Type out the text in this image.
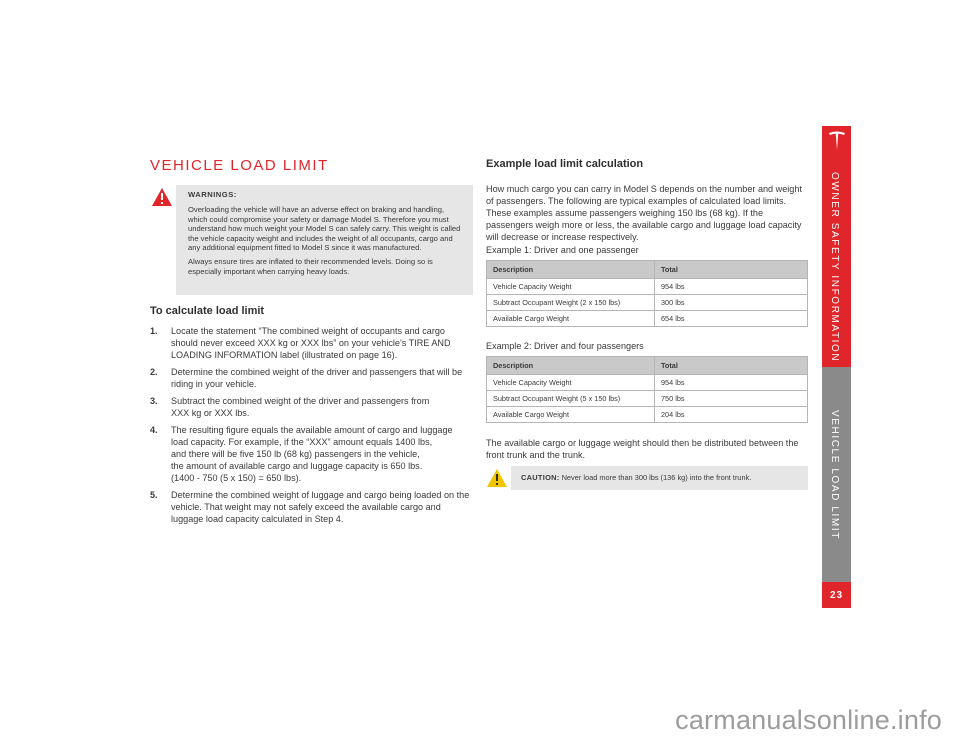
VEHICLE LOAD LIMIT
WARNINGS:

Overloading the vehicle will have an adverse effect on braking and handling, which could compromise your safety or damage Model S. Therefore you must understand how much weight your Model S can safely carry. This weight is called the vehicle capacity weight and includes the weight of all occupants, cargo and any additional equipment fitted to Model S since it was manufactured.

Always ensure tires are inflated to their recommended levels. Doing so is especially important when carrying heavy loads.

To calculate load limit
1.	Locate the statement “The combined weight of occupants and cargo should never exceed XXX kg or XXX lbs” on your vehicle's TIRE AND LOADING INFORMATION label (illustrated on page 16).
2.	Determine the combined weight of the driver and passengers that will be riding in your vehicle.
3.	Subtract the combined weight of the driver and passengers from
XXX kg or XXX lbs.
4.	The resulting figure equals the available amount of cargo and luggage load capacity. For example, if the “XXX” amount equals 1400 lbs,
and there will be five 150 lb (68 kg) passengers in the vehicle,
the amount of available cargo and luggage capacity is 650 lbs.
(1400 - 750 (5 x 150) = 650 lbs).
5.	Determine the combined weight of luggage and cargo being loaded on the vehicle. That weight may not safely exceed the available cargo and luggage load capacity calculated in Step 4.
Example load limit calculation

How much cargo you can carry in Model S depends on the number and weight of passengers. The following are typical examples of calculated load limits. These examples assume passengers weighing 150 lbs (68 kg). If the passengers weigh more or less, the available cargo and luggage load capacity will decrease or increase respectively.

Example 1: Driver and one passenger

Description	Total
Vehicle Capacity Weight	954 lbs
Subtract Occupant Weight (2 x 150 lbs)	300 lbs
Available Cargo Weight	654 lbs

Example 2: Driver and four passengers

Description	Total
Vehicle Capacity Weight	954 lbs
Subtract Occupant Weight (5 x 150 lbs)	750 lbs
Available Cargo Weight	204 lbs

The available cargo or luggage weight should then be distributed between the front trunk and the trunk.

CAUTION: Never load more than 300 lbs (136 kg) into the front trunk.
OWNER SAFETY INFORMATION
VEHICLE LOAD LIMIT
23
carmanualsonline.info
